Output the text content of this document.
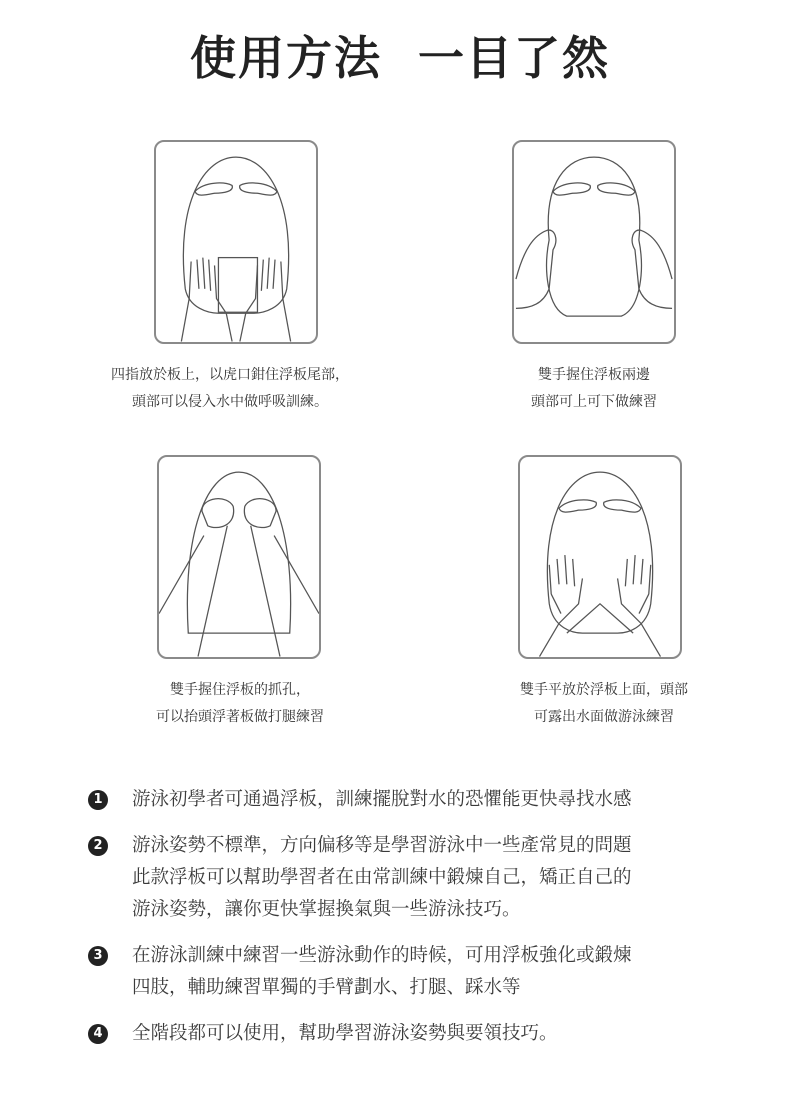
使用方法  一目了然
四指放於板上，以虎口鉗住浮板尾部，
頭部可以侵入水中做呼吸訓練。
雙手握住浮板兩邊
頭部可上可下做練習
雙手握住浮板的抓孔，
可以抬頭浮著板做打腿練習
雙手平放於浮板上面，頭部
可露出水面做游泳練習
1 游泳初學者可通過浮板，訓練擺脫對水的恐懼能更快尋找水感
2 游泳姿勢不標準，方向偏移等是學習游泳中一些產常見的問題
此款浮板可以幫助學習者在由常訓練中鍛煉自己，矯正自己的
游泳姿勢，讓你更快掌握換氣與一些游泳技巧。
3 在游泳訓練中練習一些游泳動作的時候，可用浮板強化或鍛煉
四肢，輔助練習單獨的手臂劃水、打腿、踩水等
4 全階段都可以使用，幫助學習游泳姿勢與要領技巧。
